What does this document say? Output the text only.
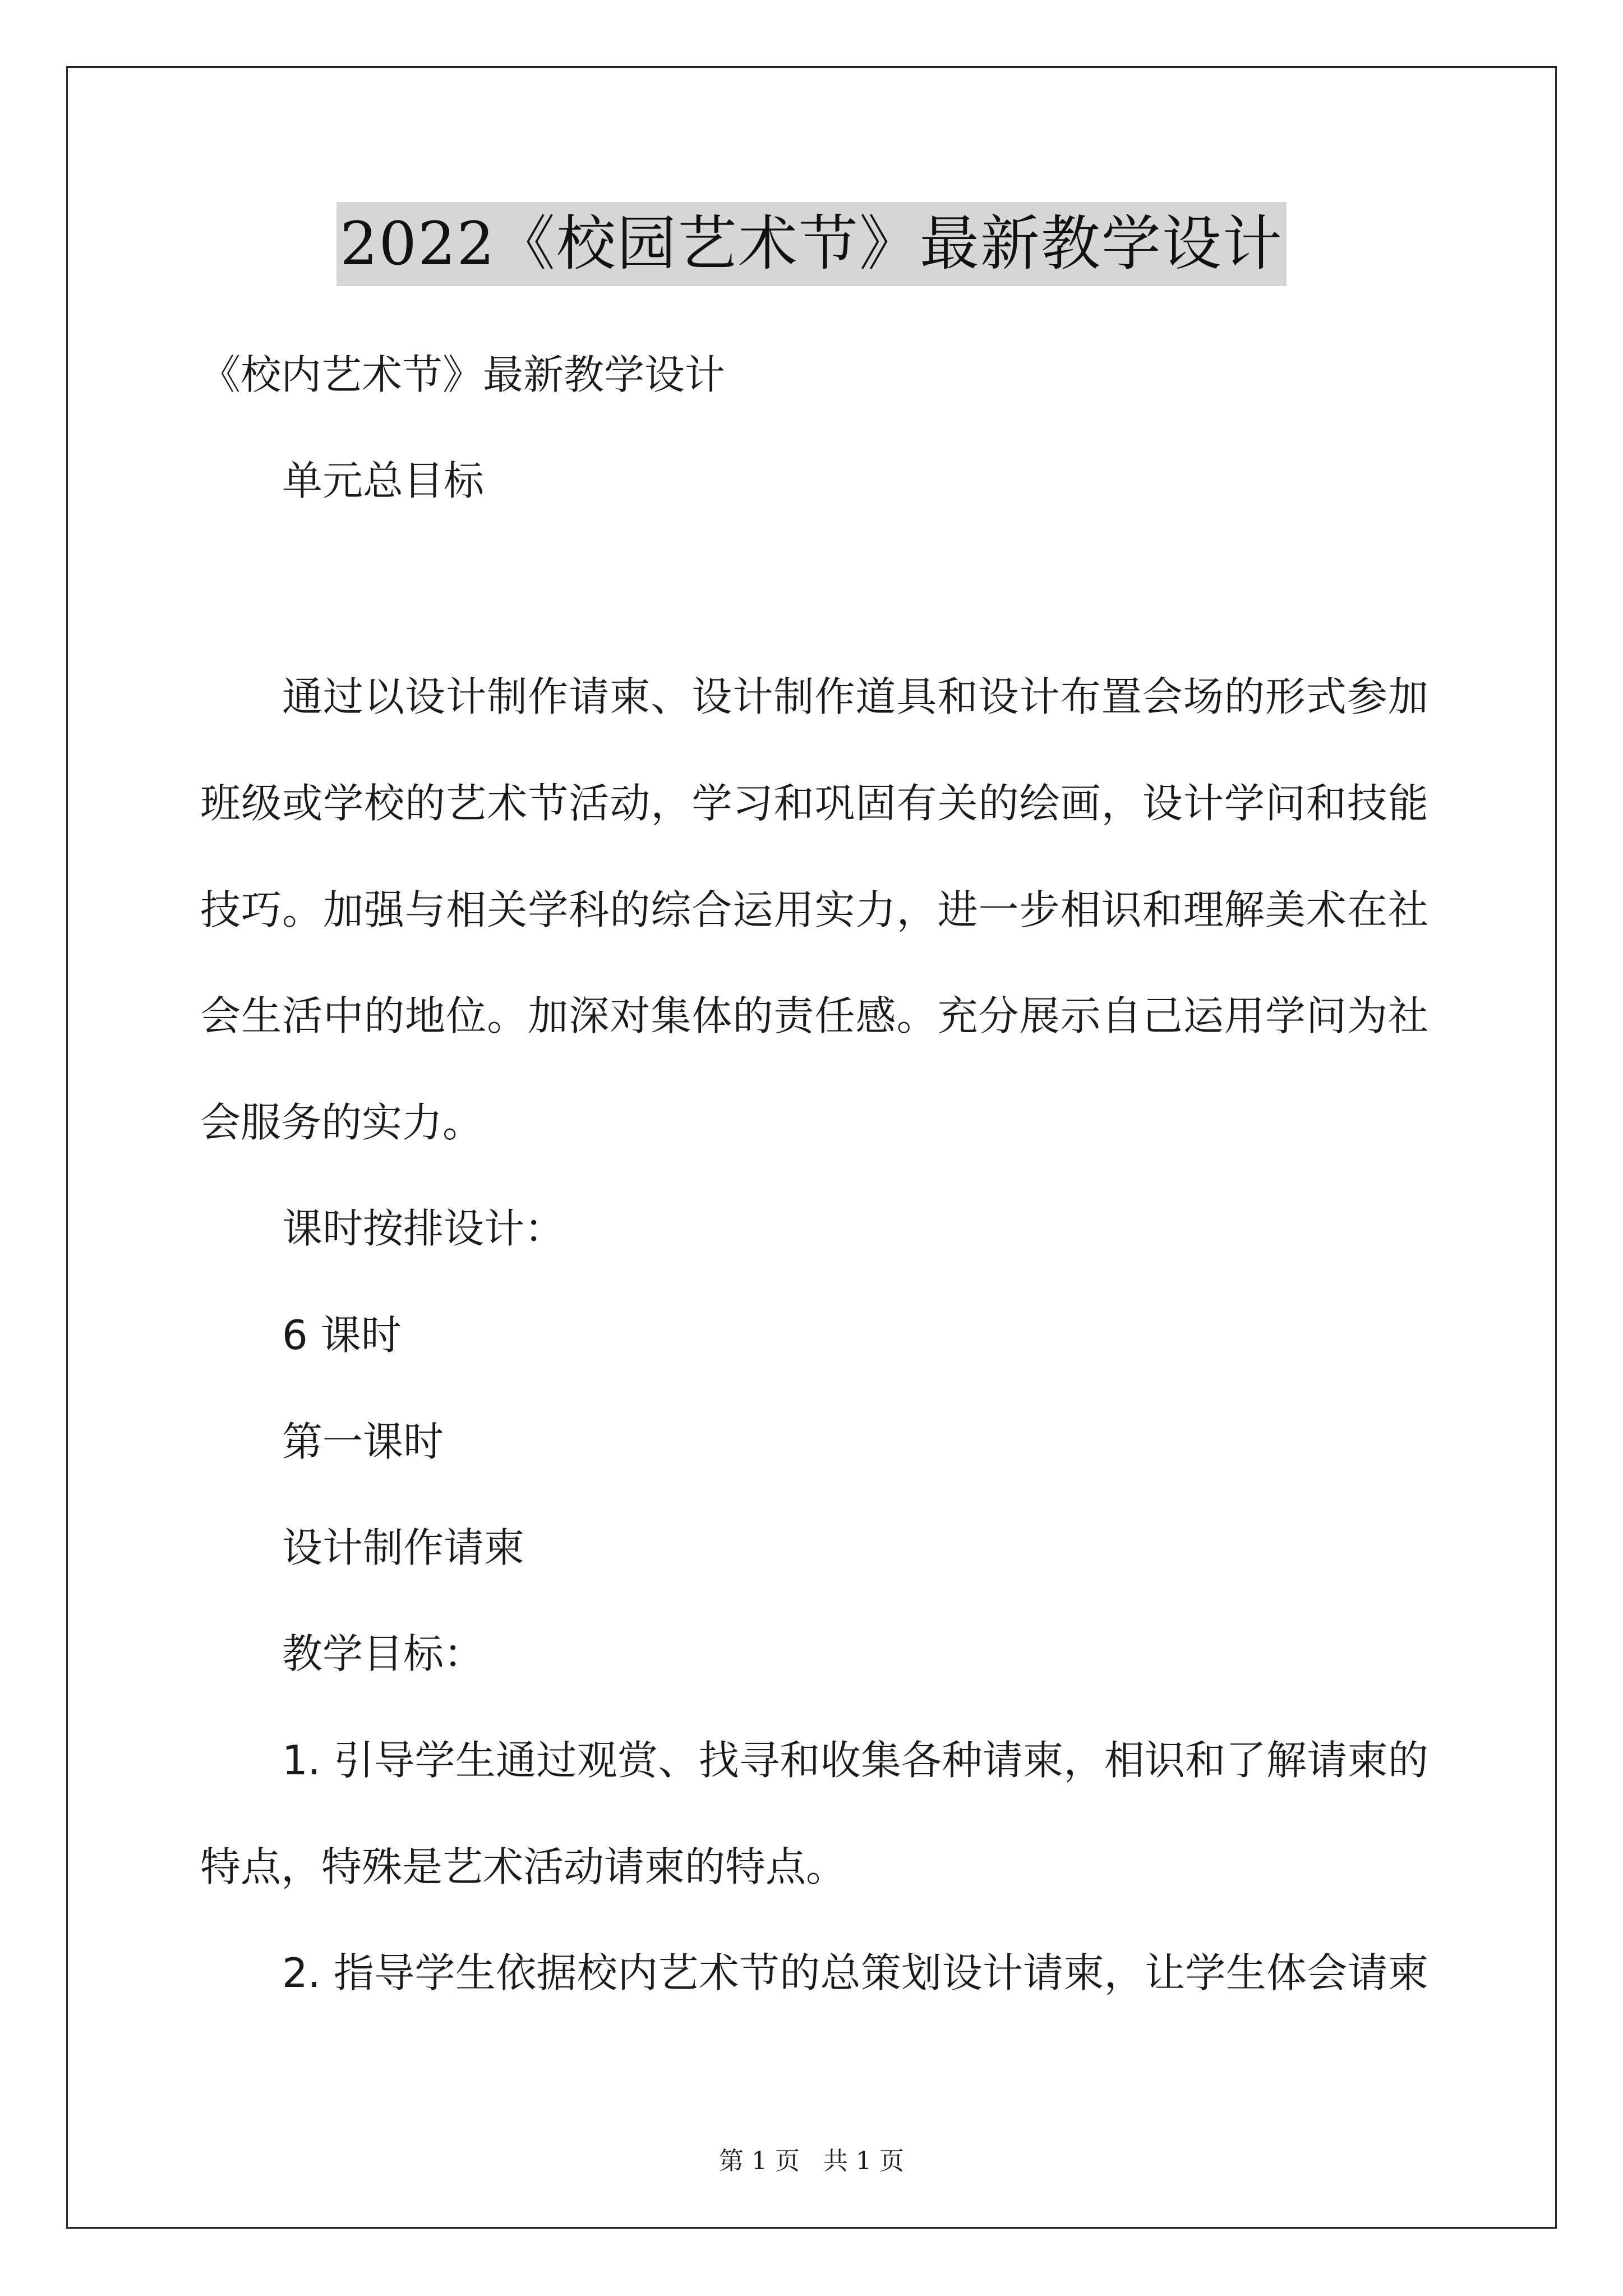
2022《校园艺术节》最新教学设计
《校内艺术节》最新教学设计
单元总目标
通过以设计制作请柬、设计制作道具和设计布置会场的形式参加
班级或学校的艺术节活动，学习和巩固有关的绘画，设计学问和技能
技巧。加强与相关学科的综合运用实力，进一步相识和理解美术在社
会生活中的地位。加深对集体的责任感。充分展示自己运用学问为社
会服务的实力。
课时按排设计：
6 课时
第一课时
设计制作请柬
教学目标：
1. 引导学生通过观赏、找寻和收集各种请柬，相识和了解请柬的
特点，特殊是艺术活动请柬的特点。
2. 指导学生依据校内艺术节的总策划设计请柬，让学生体会请柬
第 1 页   共 1 页
